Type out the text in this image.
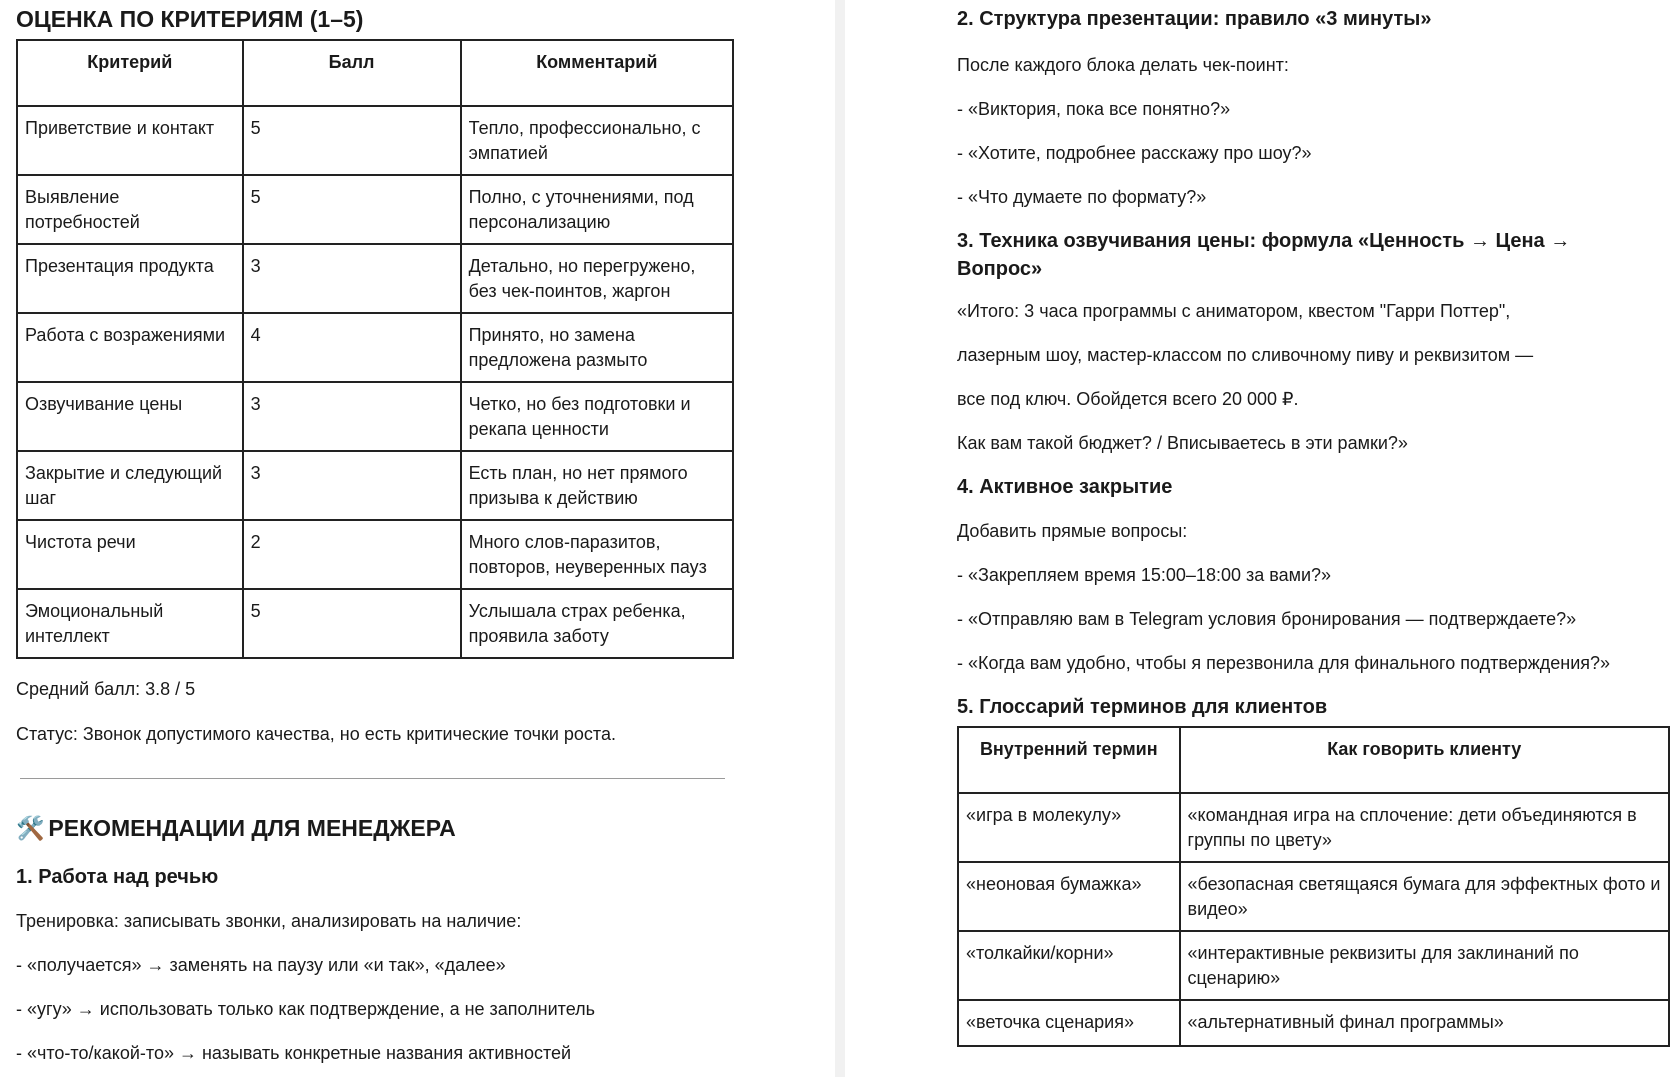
ОЦЕНКА ПО КРИТЕРИЯМ (1–5)
Критерий	Балл	Комментарий
Приветствие и контакт	5	Тепло, профессионально, с эмпатией
Выявление потребностей	5	Полно, с уточнениями, под персонализацию
Презентация продукта	3	Детально, но перегружено, без чек-поинтов, жаргон
Работа с возражениями	4	Принято, но замена предложена размыто
Озвучивание цены	3	Четко, но без подготовки и рекапа ценности
Закрытие и следующий шаг	3	Есть план, но нет прямого призыва к действию
Чистота речи	2	Много слов-паразитов, повторов, неуверенных пауз
Эмоциональный интеллект	5	Услышала страх ребенка, проявила заботу

Средний балл: 3.8 / 5

Статус: Звонок допустимого качества, но есть критические точки роста.

🛠️ РЕКОМЕНДАЦИИ ДЛЯ МЕНЕДЖЕРА
1. Работа над речью

Тренировка: записывать звонки, анализировать на наличие:

- «получается» → заменять на паузу или «и так», «далее»

- «угу» → использовать только как подтверждение, а не заполнитель

- «что-то/какой-то» → называть конкретные названия активностей

2. Структура презентации: правило «3 минуты»

После каждого блока делать чек-поинт:

- «Виктория, пока все понятно?»

- «Хотите, подробнее расскажу про шоу?»

- «Что думаете по формату?»

3. Техника озвучивания цены: формула «Ценность → Цена →
Вопрос»

«Итого: 3 часа программы с аниматором, квестом "Гарри Поттер",

лазерным шоу, мастер-классом по сливочному пиву и реквизитом —

все под ключ. Обойдется всего 20 000 ₽.

Как вам такой бюджет? / Вписываетесь в эти рамки?»

4. Активное закрытие

Добавить прямые вопросы:

- «Закрепляем время 15:00–18:00 за вами?»

- «Отправляю вам в Telegram условия бронирования — подтверждаете?»

- «Когда вам удобно, чтобы я перезвонила для финального подтверждения?»

5. Глоссарий терминов для клиентов
Внутренний термин	Как говорить клиенту
«игра в молекулу»	«командная игра на сплочение: дети объединяются в группы по цвету»
«неоновая бумажка»	«безопасная светящаяся бумага для эффектных фото и видео»
«толкайки/корни»	«интерактивные реквизиты для заклинаний по сценарию»
«веточка сценария»	«альтернативный финал программы»
